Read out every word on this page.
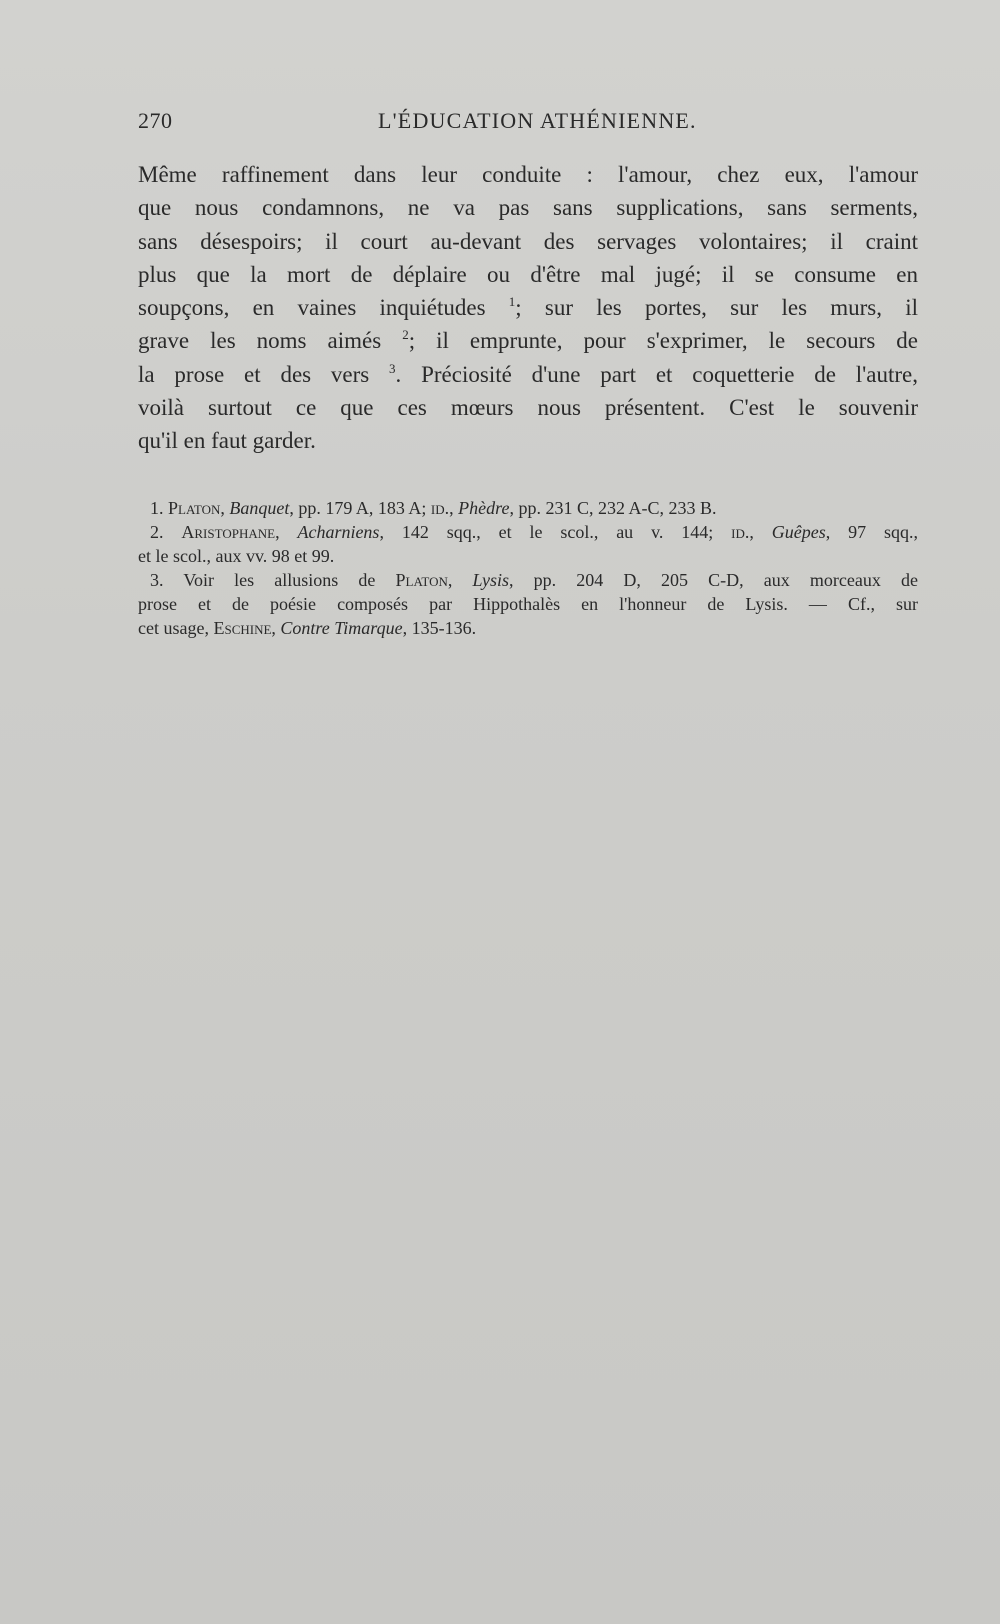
270	L'ÉDUCATION ATHÉNIENNE.
Même raffinement dans leur conduite : l'amour, chez eux, l'amour
que nous condamnons, ne va pas sans supplications, sans serments,
sans désespoirs; il court au-devant des servages volontaires; il craint
plus que la mort de déplaire ou d'être mal jugé; il se consume en
soupçons, en vaines inquiétudes $^1$; sur les portes, sur les murs, il
grave les noms aimés $^2$; il emprunte, pour s'exprimer, le secours de
la prose et des vers $^3$. Préciosité d'une part et coquetterie de l'autre,
voilà surtout ce que ces mœurs nous présentent. C'est le souvenir
qu'il en faut garder.
1. Platon, Banquet, pp. 179 A, 183 A; id., Phèdre, pp. 231 C, 232 A-C, 233 B.
2. Aristophane, Acharniens, 142 sqq., et le scol., au v. 144; id., Guêpes, 97 sqq.,
et le scol., aux vv. 98 et 99.
3. Voir les allusions de Platon, Lysis, pp. 204 D, 205 C-D, aux morceaux de
prose et de poésie composés par Hippothalès en l'honneur de Lysis. — Cf., sur
cet usage, Eschine, Contre Timarque, 135-136.
